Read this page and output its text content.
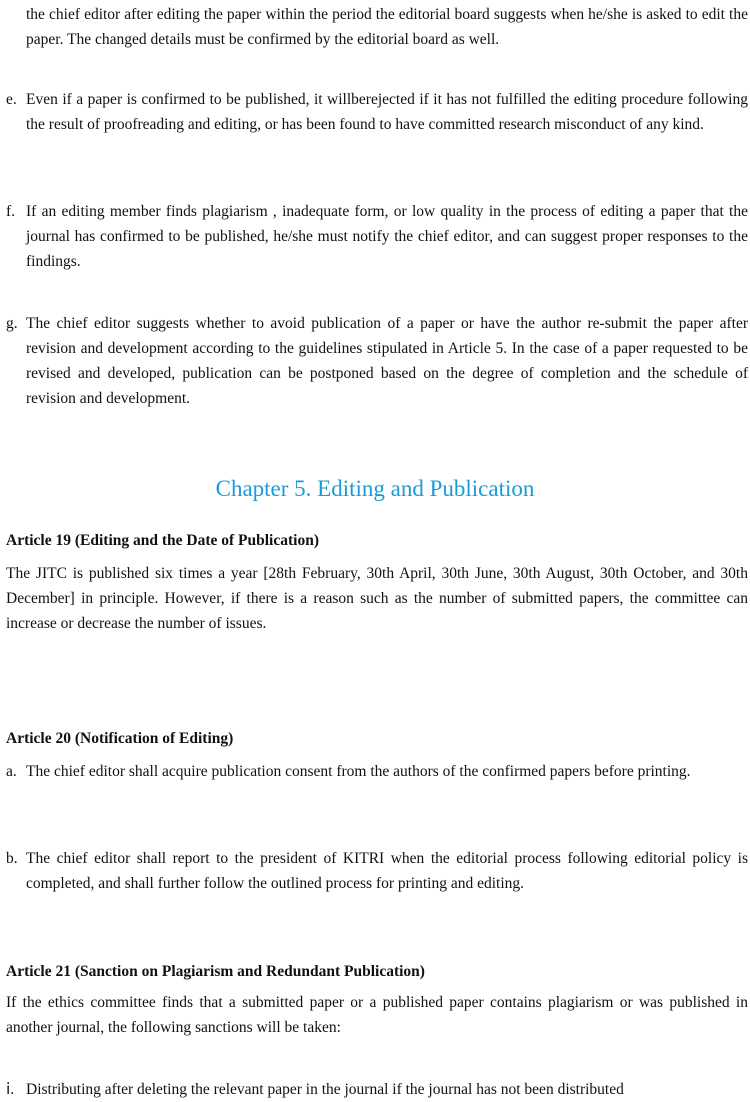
the chief editor after editing the paper within the period the editorial board suggests when he/she is asked to edit the paper. The changed details must be confirmed by the editorial board as well.
e. Even if a paper is confirmed to be published, it willberejected if it has not fulfilled the editing procedure following the result of proofreading and editing, or has been found to have committed research misconduct of any kind.
f. If an editing member finds plagiarism , inadequate form, or low quality in the process of editing a paper that the journal has confirmed to be published, he/she must notify the chief editor, and can suggest proper responses to the findings.
g. The chief editor suggests whether to avoid publication of a paper or have the author re-submit the paper after revision and development according to the guidelines stipulated in Article 5. In the case of a paper requested to be revised and developed, publication can be postponed based on the degree of completion and the schedule of revision and development.
Chapter 5. Editing and Publication
Article 19 (Editing and the Date of Publication)
The JITC is published six times a year [28th February, 30th April, 30th June, 30th August, 30th October, and 30th December] in principle. However, if there is a reason such as the number of submitted papers, the committee can increase or decrease the number of issues.
Article 20 (Notification of Editing)
a. The chief editor shall acquire publication consent from the authors of the confirmed papers before printing.
b. The chief editor shall report to the president of KITRI when the editorial process following editorial policy is completed, and shall further follow the outlined process for printing and editing.
Article 21 (Sanction on Plagiarism and Redundant Publication)
If the ethics committee finds that a submitted paper or a published paper contains plagiarism or was published in another journal, the following sanctions will be taken:
ⅰ. Distributing after deleting the relevant paper in the journal if the journal has not been distributed
